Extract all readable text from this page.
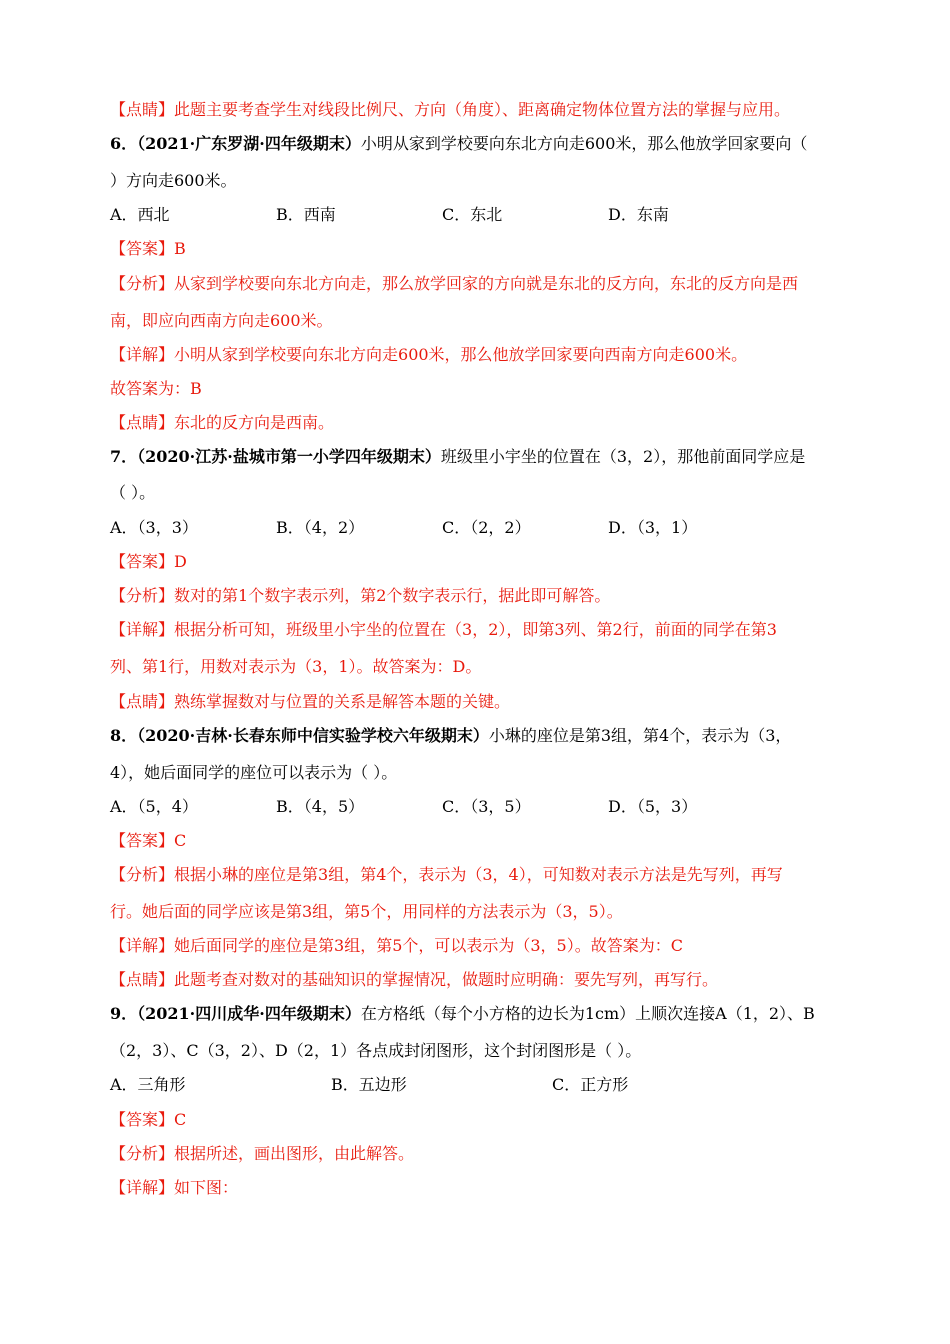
【点睛】此题主要考查学生对线段比例尺、方向（角度）、距离确定物体位置方法的掌握与应用。
6．（2021·广东罗湖·四年级期末）小明从家到学校要向东北方向走600米，那么他放学回家要向（
）方向走600米。
A．西北	B．西南	C．东北	D．东南
【答案】B
【分析】从家到学校要向东北方向走，那么放学回家的方向就是东北的反方向，东北的反方向是西
南，即应向西南方向走600米。
【详解】小明从家到学校要向东北方向走600米，那么他放学回家要向西南方向走600米。
故答案为：B
【点睛】东北的反方向是西南。
7．（2020·江苏·盐城市第一小学四年级期末）班级里小宇坐的位置在（3，2），那他前面同学应是
（ ）。
A．（3，3）	B．（4，2）	C．（2，2）	D．（3，1）
【答案】D
【分析】数对的第1个数字表示列，第2个数字表示行，据此即可解答。
【详解】根据分析可知，班级里小宇坐的位置在（3，2），即第3列、第2行，前面的同学在第3
列、第1行，用数对表示为（3，1）。故答案为：D。
【点睛】熟练掌握数对与位置的关系是解答本题的关键。
8．（2020·吉林·长春东师中信实验学校六年级期末）小琳的座位是第3组，第4个，表示为（3，
4），她后面同学的座位可以表示为（ ）。
A．（5，4）	B．（4，5）	C．（3，5）	D．（5，3）
【答案】C
【分析】根据小琳的座位是第3组，第4个，表示为（3，4），可知数对表示方法是先写列，再写
行。她后面的同学应该是第3组，第5个，用同样的方法表示为（3，5）。
【详解】她后面同学的座位是第3组，第5个，可以表示为（3，5）。故答案为：C
【点睛】此题考查对数对的基础知识的掌握情况，做题时应明确：要先写列，再写行。
9．（2021·四川成华·四年级期末）在方格纸（每个小方格的边长为1cm）上顺次连接A（1，2）、B
（2，3）、C（3，2）、D（2，1）各点成封闭图形，这个封闭图形是（ ）。
A．三角形	B．五边形	C．正方形
【答案】C
【分析】根据所述，画出图形，由此解答。
【详解】如下图：
